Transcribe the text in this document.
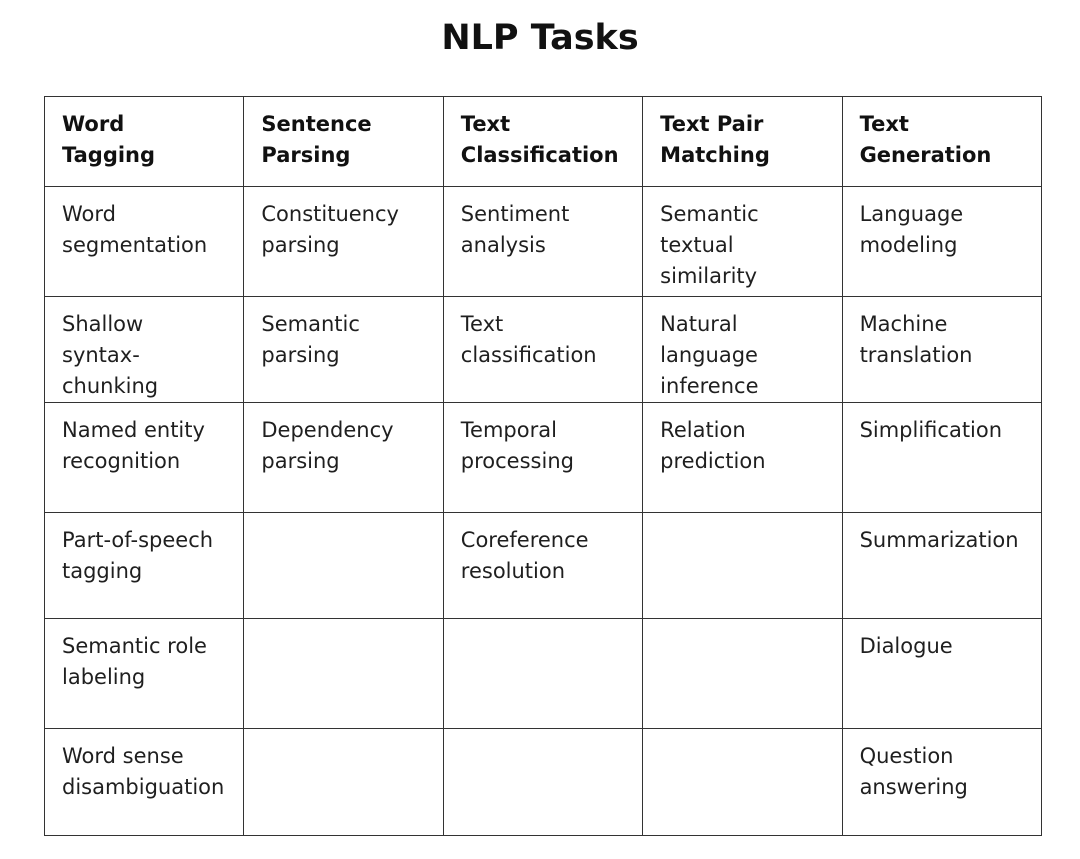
NLP Tasks
Word
Tagging	Sentence
Parsing	Text
Classification	Text Pair
Matching	Text
Generation

Word
segmentation	Constituency
parsing	Sentiment
analysis	Semantic
textual
similarity	Language
modeling

Shallow
syntax-chunking	Semantic
parsing	Text
classification	Natural
language
inference	Machine
translation

Named entity
recognition	Dependency
parsing	Temporal
processing	Relation
prediction	Simplification

Part-of-speech
tagging		Coreference
resolution		Summarization

Semantic role
labeling				Dialogue

Word sense
disambiguation				Question
answering
